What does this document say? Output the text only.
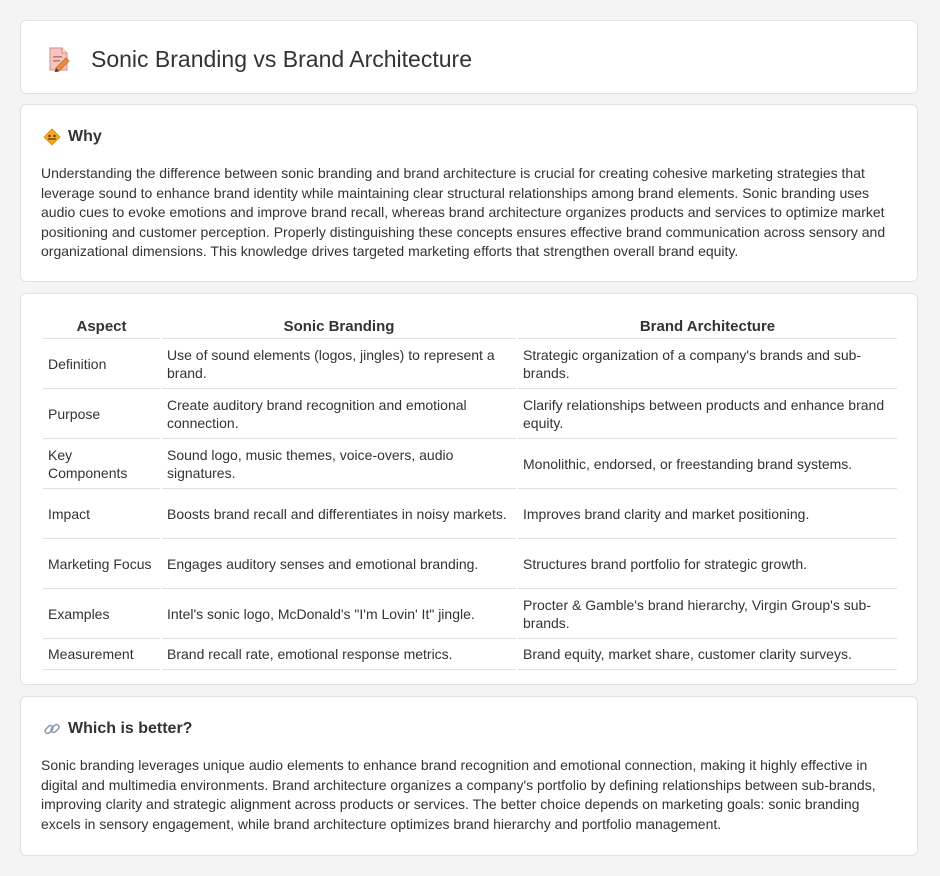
Sonic Branding vs Brand Architecture
Why

Understanding the difference between sonic branding and brand architecture is crucial for creating cohesive marketing strategies that leverage sound to enhance brand identity while maintaining clear structural relationships among brand elements. Sonic branding uses audio cues to evoke emotions and improve brand recall, whereas brand architecture organizes products and services to optimize market positioning and customer perception. Properly distinguishing these concepts ensures effective brand communication across sensory and organizational dimensions. This knowledge drives targeted marketing efforts that strengthen overall brand equity.

Aspect	Sonic Branding	Brand Architecture
Definition	Use of sound elements (logos, jingles) to represent a brand.	Strategic organization of a company's brands and sub-brands.
Purpose	Create auditory brand recognition and emotional connection.	Clarify relationships between products and enhance brand equity.
Key Components	Sound logo, music themes, voice-overs, audio signatures.	Monolithic, endorsed, or freestanding brand systems.
Impact	Boosts brand recall and differentiates in noisy markets.	Improves brand clarity and market positioning.
Marketing Focus	Engages auditory senses and emotional branding.	Structures brand portfolio for strategic growth.
Examples	Intel's sonic logo, McDonald's "I'm Lovin' It" jingle.	Procter & Gamble's brand hierarchy, Virgin Group's sub-brands.
Measurement	Brand recall rate, emotional response metrics.	Brand equity, market share, customer clarity surveys.
Which is better?

Sonic branding leverages unique audio elements to enhance brand recognition and emotional connection, making it highly effective in digital and multimedia environments. Brand architecture organizes a company's portfolio by defining relationships between sub-brands, improving clarity and strategic alignment across products or services. The better choice depends on marketing goals: sonic branding excels in sensory engagement, while brand architecture optimizes brand hierarchy and portfolio management.
